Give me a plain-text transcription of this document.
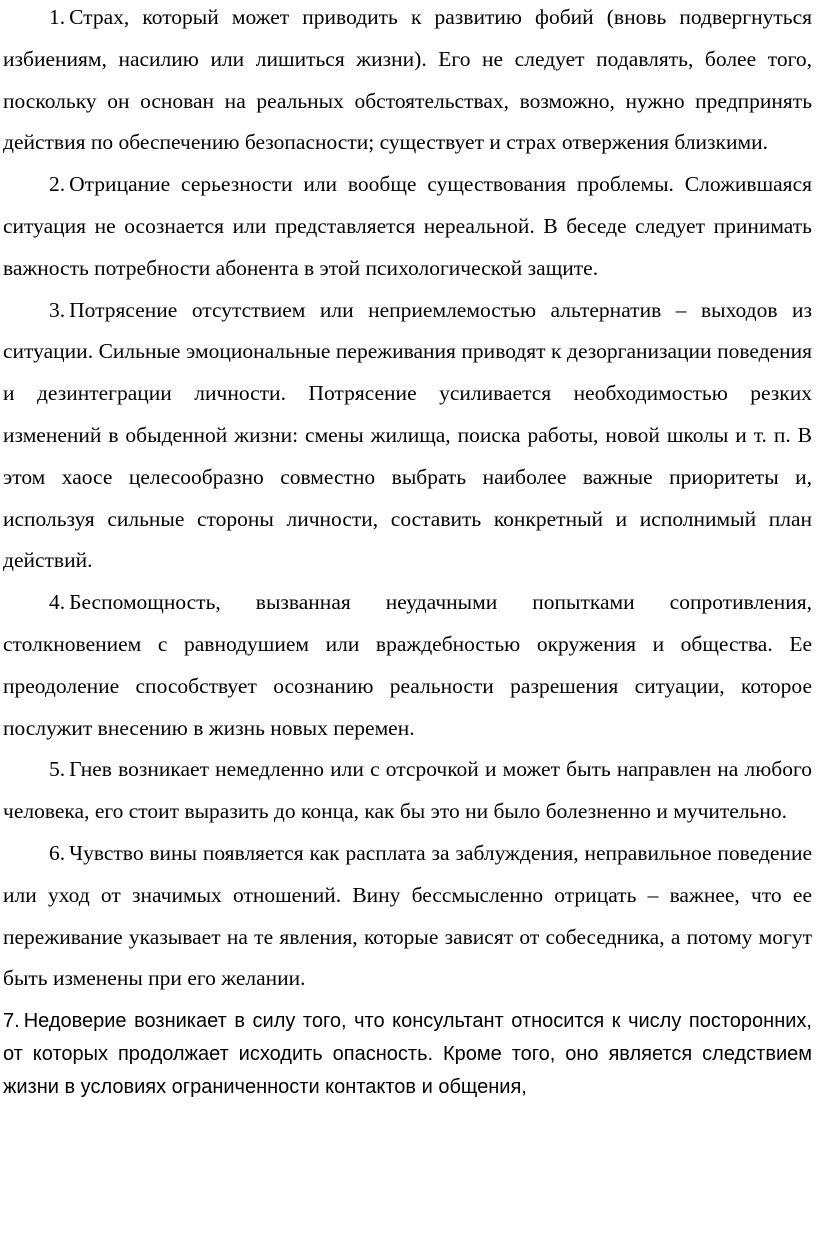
1. Страх, который может приводить к развитию фобий (вновь подвергнуться избиениям, насилию или лишиться жизни). Его не следует подавлять, более того, поскольку он основан на реальных обстоятельствах, возможно, нужно предпринять действия по обеспечению безопасности; существует и страх отвержения близкими.

2. Отрицание серьезности или вообще существования проблемы. Сложившаяся ситуация не осознается или представляется нереальной. В беседе следует принимать важность потребности абонента в этой психологической защите.

3. Потрясение отсутствием или неприемлемостью альтернатив – выходов из ситуации. Сильные эмоциональные переживания приводят к дезорганизации поведения и дезинтеграции личности. Потрясение усиливается необходимостью резких изменений в обыденной жизни: смены жилища, поиска работы, новой школы и т. п. В этом хаосе целесообразно совместно выбрать наиболее важные приоритеты и, используя сильные стороны личности, составить конкретный и исполнимый план действий.

4. Беспомощность, вызванная неудачными попытками сопротивления, столкновением с равнодушием или враждебностью окружения и общества. Ее преодоление способствует осознанию реальности разрешения ситуации, которое послужит внесению в жизнь новых перемен.

5. Гнев возникает немедленно или с отсрочкой и может быть направлен на любого человека, его стоит выразить до конца, как бы это ни было болезненно и мучительно.

6. Чувство вины появляется как расплата за заблуждения, неправильное поведение или уход от значимых отношений. Вину бессмысленно отрицать – важнее, что ее переживание указывает на те явления, которые зависят от собеседника, а потому могут быть изменены при его желании.

7. Недоверие возникает в силу того, что консультант относится к числу посторонних, от которых продолжает исходить опасность. Кроме того, оно является следствием жизни в условиях ограниченности контактов и общения,
